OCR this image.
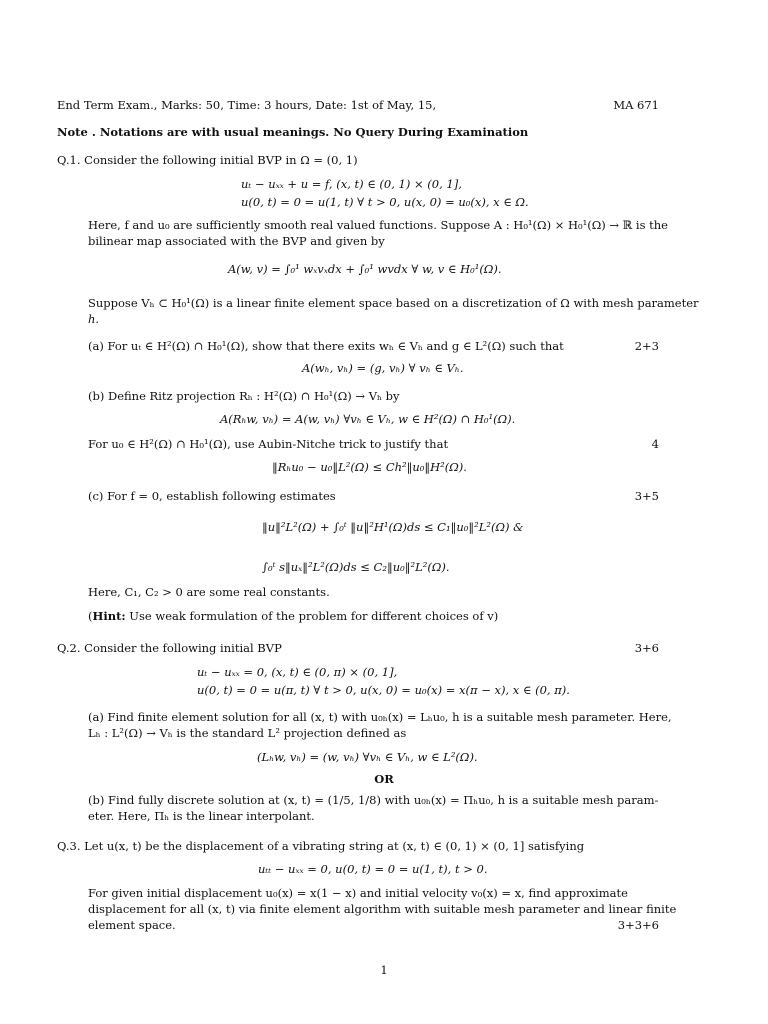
End Term Exam., Marks: 50, Time: 3 hours, Date: 1st of May, 15,	MA 671
Note . Notations are with usual meanings. No Query During Examination
Q.1. Consider the following initial BVP in Ω = (0, 1)
uₜ − uₓₓ + u = f, (x, t) ∈ (0, 1) × (0, 1],
u(0, t) = 0 = u(1, t) ∀ t > 0, u(x, 0) = u₀(x), x ∈ Ω.
Here, f and u₀ are sufficiently smooth real valued functions. Suppose A : H₀¹(Ω) × H₀¹(Ω) → ℝ is the
bilinear map associated with the BVP and given by
A(w, v) = ∫₀¹ wₓvₓdx + ∫₀¹ wvdx ∀ w, v ∈ H₀¹(Ω).
Suppose Vₕ ⊂ H₀¹(Ω) is a linear finite element space based on a discretization of Ω with mesh parameter
h.
(a) For uₜ ∈ H²(Ω) ∩ H₀¹(Ω), show that there exits wₕ ∈ Vₕ and g ∈ L²(Ω) such that	2+3
A(wₕ, vₕ) = (g, vₕ) ∀ vₕ ∈ Vₕ.
(b) Define Ritz projection Rₕ : H²(Ω) ∩ H₀¹(Ω) → Vₕ by
A(Rₕw, vₕ) = A(w, vₕ) ∀vₕ ∈ Vₕ, w ∈ H²(Ω) ∩ H₀¹(Ω).
For u₀ ∈ H²(Ω) ∩ H₀¹(Ω), use Aubin-Nitche trick to justify that	4
‖Rₕu₀ − u₀‖L²(Ω) ≤ Ch²‖u₀‖H²(Ω).
(c) For f = 0, establish following estimates	3+5
‖u‖²L²(Ω) + ∫₀ᵗ ‖u‖²H¹(Ω)ds ≤ C₁‖u₀‖²L²(Ω) &
∫₀ᵗ s‖uₓ‖²L²(Ω)ds ≤ C₂‖u₀‖²L²(Ω).
Here, C₁, C₂ > 0 are some real constants.
(Hint: Use weak formulation of the problem for different choices of v)
Q.2. Consider the following initial BVP	3+6
uₜ − uₓₓ = 0, (x, t) ∈ (0, π) × (0, 1],
u(0, t) = 0 = u(π, t) ∀ t > 0, u(x, 0) = u₀(x) = x(π − x), x ∈ (0, π).
(a) Find finite element solution for all (x, t) with u₀ₕ(x) = Lₕu₀, h is a suitable mesh parameter. Here,
Lₕ : L²(Ω) → Vₕ is the standard L² projection defined as
(Lₕw, vₕ) = (w, vₕ) ∀vₕ ∈ Vₕ, w ∈ L²(Ω).
OR
(b) Find fully discrete solution at (x, t) = (1/5, 1/8) with u₀ₕ(x) = Πₕu₀, h is a suitable mesh param-
eter. Here, Πₕ is the linear interpolant.
Q.3. Let u(x, t) be the displacement of a vibrating string at (x, t) ∈ (0, 1) × (0, 1] satisfying
uₜₜ − uₓₓ = 0, u(0, t) = 0 = u(1, t), t > 0.
For given initial displacement u₀(x) = x(1 − x) and initial velocity v₀(x) = x, find approximate
displacement for all (x, t) via finite element algorithm with suitable mesh parameter and linear finite
element space.	3+3+6
1
